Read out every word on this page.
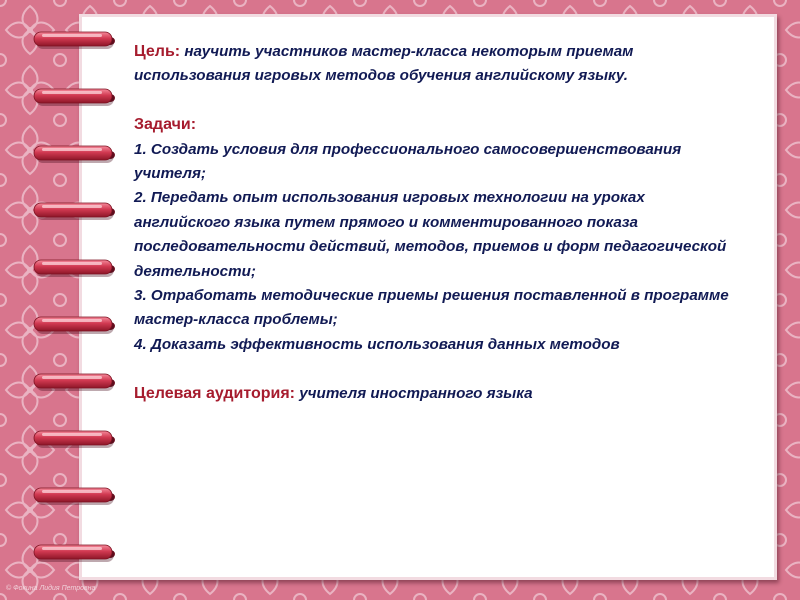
Цель: научить участников мастер-класса некоторым приемам использования игровых методов обучения английскому языку.

Задачи:

1. Создать условия для профессионального самосовершенствования учителя;

2. Передать опыт использования игровых технологии на уроках английского языка путем прямого и комментированного показа последовательности действий, методов, приемов и форм педагогической деятельности;

3. Отработать методические приемы решения поставленной в программе мастер-класса проблемы;

4. Доказать эффективность использования данных методов

Целевая аудитория: учителя иностранного языка

© Фокина Лидия Петровна
